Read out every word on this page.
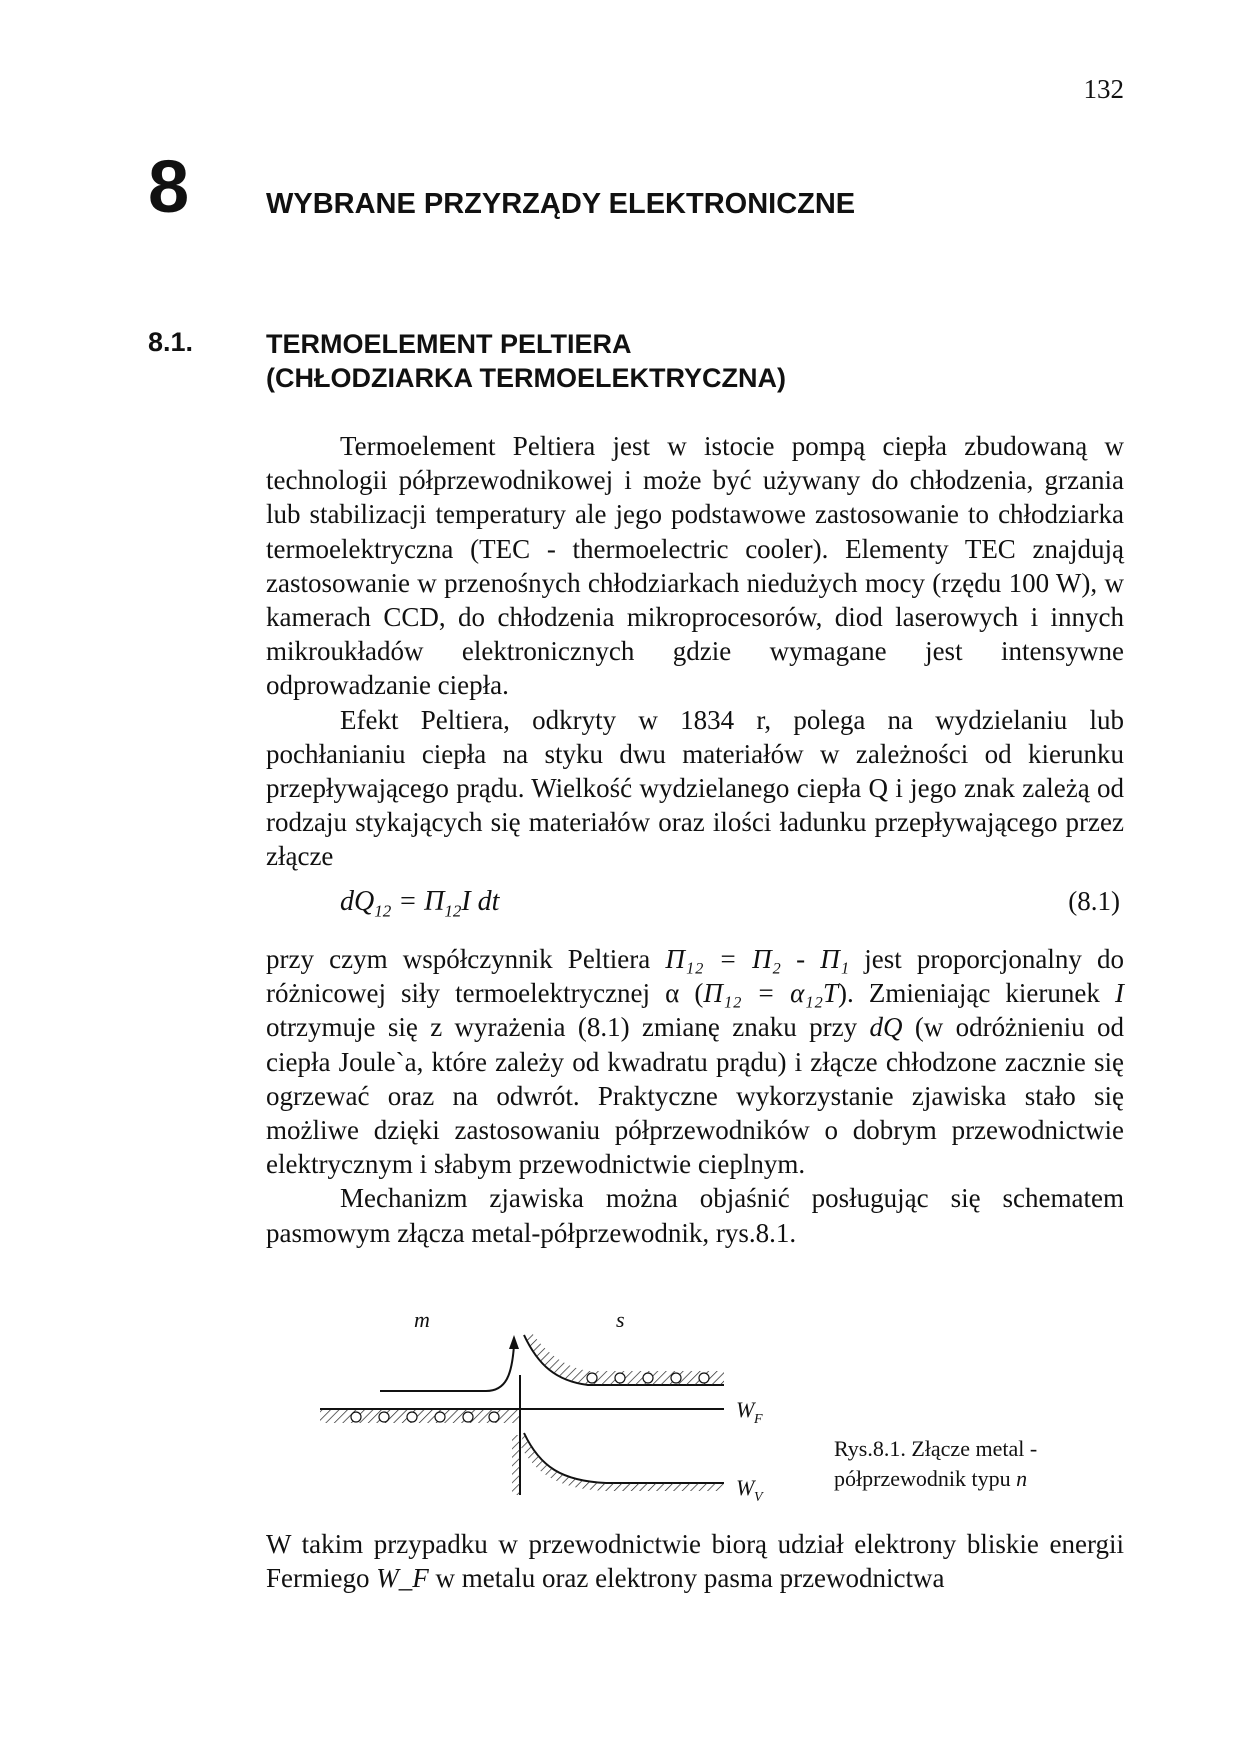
132
8	WYBRANE PRZYRZĄDY ELEKTRONICZNE
8.1.	TERMOELEMENT PELTIERA
(CHŁODZIARKA TERMOELEKTRYCZNA)

Termoelement Peltiera jest w istocie pompą ciepła zbudowaną w technologii półprzewodnikowej i może być używany do chłodzenia, grzania lub stabilizacji temperatury ale jego podstawowe zastosowanie to chłodziarka termoelektryczna (TEC - thermoelectric cooler). Elementy TEC znajdują zastosowanie w przenośnych chłodziarkach niedużych mocy (rzędu 100 W), w kamerach CCD, do chłodzenia mikroprocesorów, diod laserowych i innych mikroukładów elektronicznych gdzie wymagane jest intensywne odprowadzanie ciepła.

Efekt Peltiera, odkryty w 1834 r, polega na wydzielaniu lub pochłanianiu ciepła na styku dwu materiałów w zależności od kierunku przepływającego prądu. Wielkość wydzielanego ciepła Q i jego znak zależą od rodzaju stykających się materiałów oraz ilości ładunku przepływającego przez złącze

$dQ_{12} = \Pi_{12}I$ dt	(8.1)

przy czym współczynnik Peltiera Π₁₂ = Π₂ - Π₁ jest proporcjonalny do różnicowej siły termoelektrycznej α (Π₁₂ = α₁₂T). Zmieniając kierunek I otrzymuje się z wyrażenia (8.1) zmianę znaku przy dQ (w odróżnieniu od ciepła Joule`a, które zależy od kwadratu prądu) i złącze chłodzone zacznie się ogrzewać oraz na odwrót. Praktyczne wykorzystanie zjawiska stało się możliwe dzięki zastosowaniu półprzewodników o dobrym przewodnictwie elektrycznym i słabym przewodnictwie cieplnym.

Mechanizm zjawiska można objaśnić posługując się schematem pasmowym złącza metal-półprzewodnik, rys.8.1.

m	s
W F
W V
Rys.8.1. Złącze metal -
półprzewodnik typu n

W takim przypadku w przewodnictwie biorą udział elektrony bliskie energii Fermiego W_F w metalu oraz elektrony pasma przewodnictwa
